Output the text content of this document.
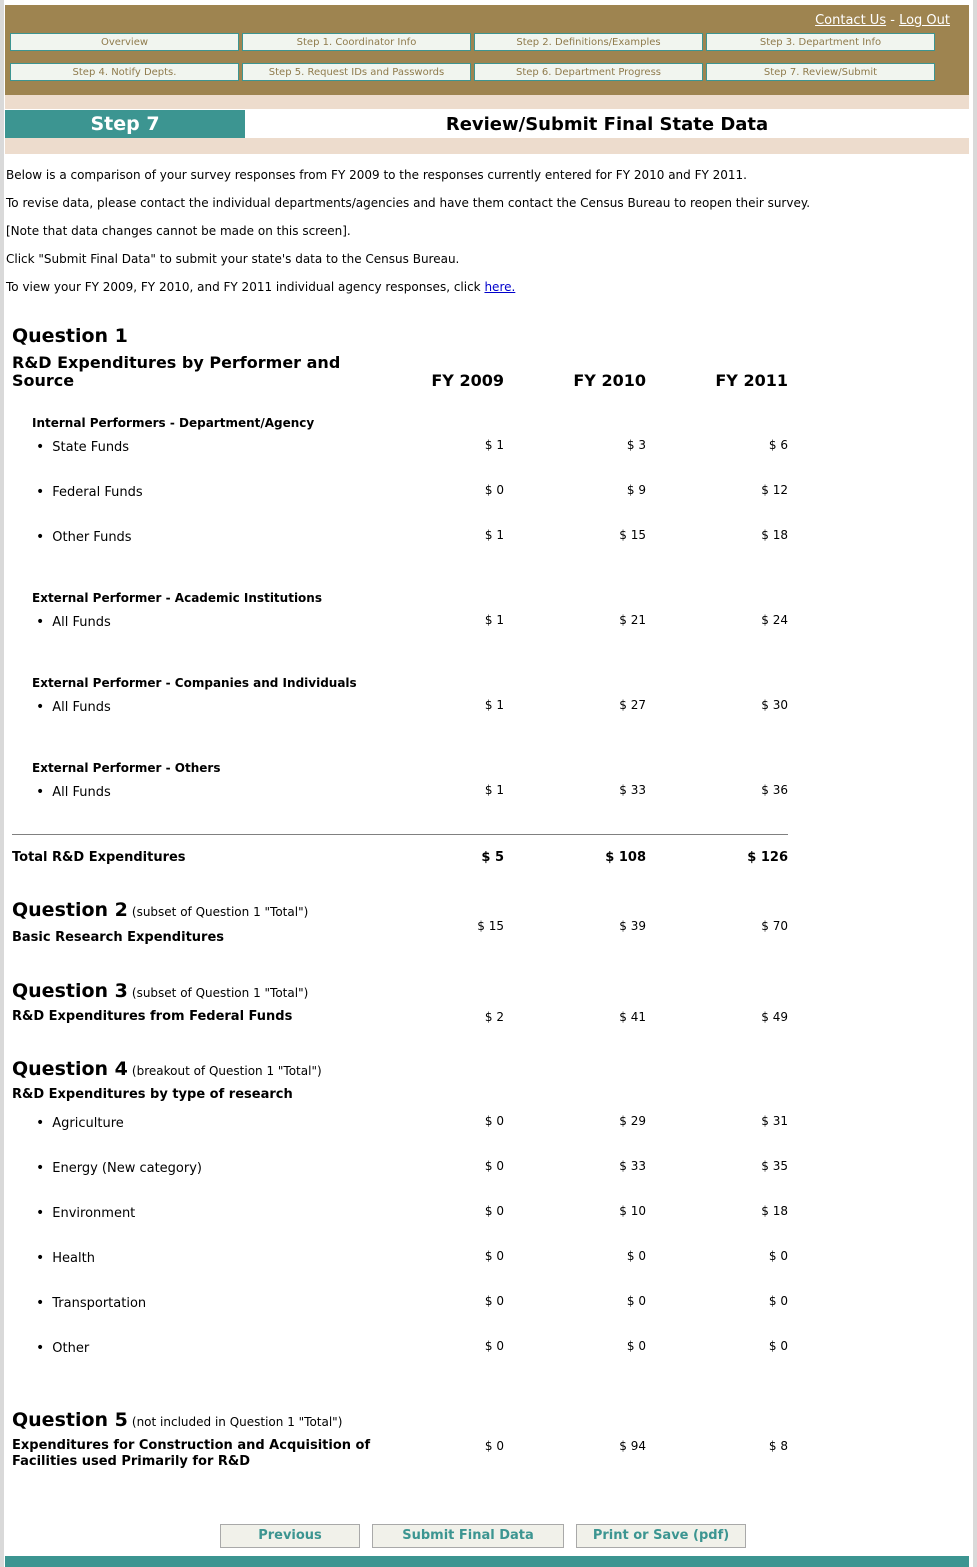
Contact Us - Log Out
Overview	Step 1. Coordinator Info	Step 2. Definitions/Examples	Step 3. Department Info
Step 4. Notify Depts.	Step 5. Request IDs and Passwords	Step 6. Department Progress	Step 7. Review/Submit
Step 7	Review/Submit Final State Data

Below is a comparison of your survey responses from FY 2009 to the responses currently entered for FY 2010 and FY 2011.

To revise data, please contact the individual departments/agencies and have them contact the Census Bureau to reopen their survey.

[Note that data changes cannot be made on this screen].

Click "Submit Final Data" to submit your state's data to the Census Bureau.

To view your FY 2009, FY 2010, and FY 2011 individual agency responses, click here.

Question 1
R&D Expenditures by Performer and Source	FY 2009	FY 2010	FY 2011
Internal Performers - Department/Agency
• State Funds	$ 1	$ 3	$ 6
• Federal Funds	$ 0	$ 9	$ 12
• Other Funds	$ 1	$ 15	$ 18
External Performer - Academic Institutions
• All Funds	$ 1	$ 21	$ 24
External Performer - Companies and Individuals
• All Funds	$ 1	$ 27	$ 30
External Performer - Others
• All Funds	$ 1	$ 33	$ 36
Total R&D Expenditures	$ 5	$ 108	$ 126
Question 2 (subset of Question 1 "Total")
Basic Research Expenditures
$ 15	$ 39	$ 70
Question 3 (subset of Question 1 "Total")
R&D Expenditures from Federal Funds	$ 2	$ 41	$ 49
Question 4 (breakout of Question 1 "Total")
R&D Expenditures by type of research
• Agriculture	$ 0	$ 29	$ 31
• Energy (New category)	$ 0	$ 33	$ 35
• Environment	$ 0	$ 10	$ 18
• Health	$ 0	$ 0	$ 0
• Transportation	$ 0	$ 0	$ 0
• Other	$ 0	$ 0	$ 0
Question 5 (not included in Question 1 "Total")
Expenditures for Construction and Acquisition of Facilities used Primarily for R&D
$ 0	$ 94	$ 8
Previous	Submit Final Data	Print or Save (pdf)
